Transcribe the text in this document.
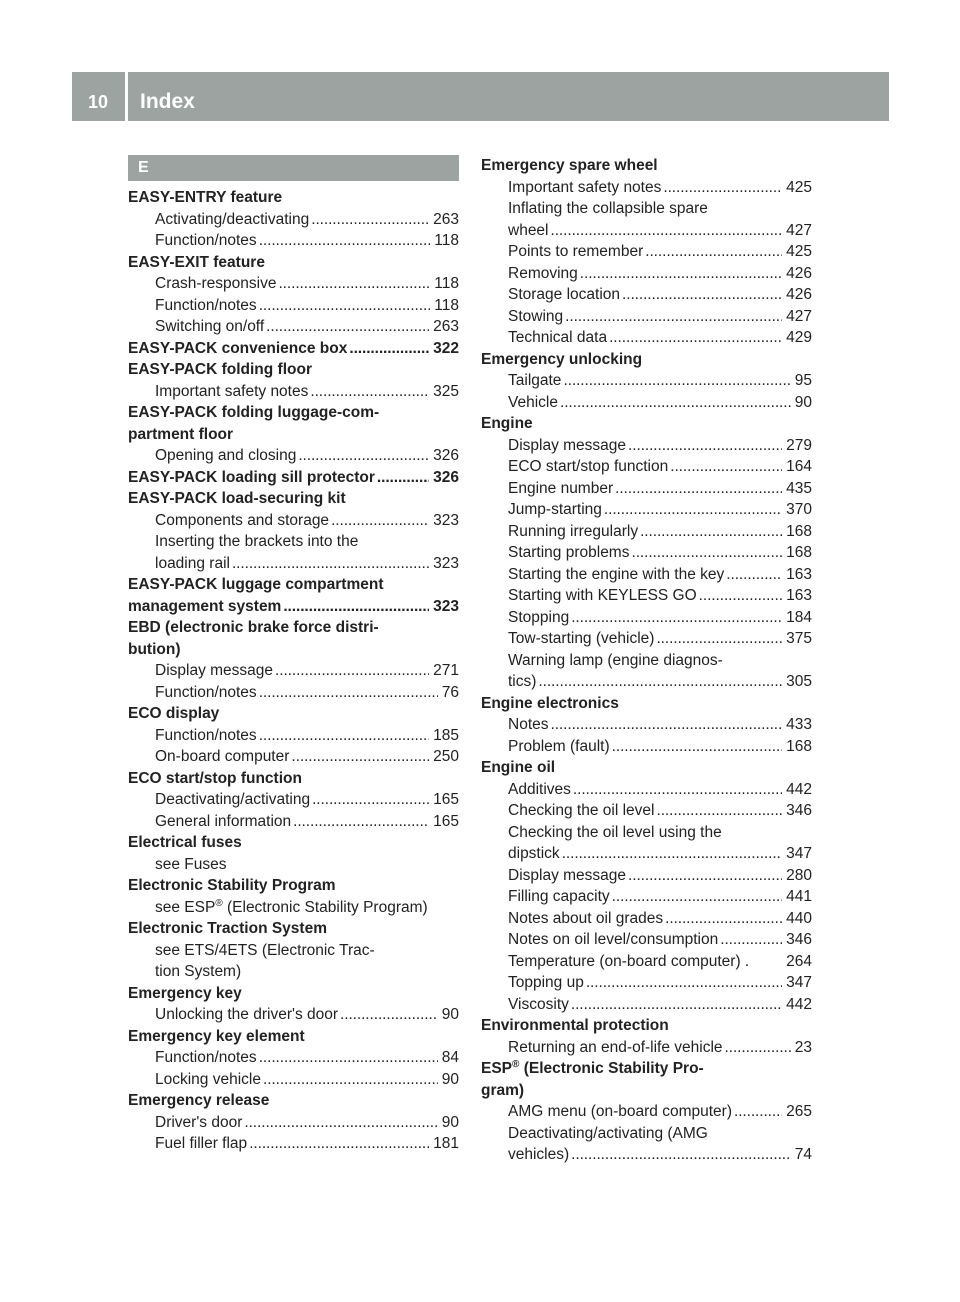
10	Index
E
EASY-ENTRY feature
Activating/deactivating . . .	263
Function/notes . . .	118
EASY-EXIT feature
Crash-responsive . . .	118
Function/notes . . .	118
Switching on/off . . .	263
EASY-PACK convenience box . . .	322
EASY-PACK folding floor
Important safety notes . . .	325
EASY-PACK folding luggage-com-
partment floor
Opening and closing . . .	326
EASY-PACK loading sill protector . . .	326
EASY-PACK load-securing kit
Components and storage . . .	323
Inserting the brackets into the
loading rail . . .	323
EASY-PACK luggage compartment
management system . . .	323
EBD (electronic brake force distri-
bution)
Display message . . .	271
Function/notes . . .	76
ECO display
Function/notes . . .	185
On-board computer . . .	250
ECO start/stop function
Deactivating/activating . . .	165
General information . . .	165
Electrical fuses
see Fuses
Electronic Stability Program
see ESP® (Electronic Stability Program)
Electronic Traction System
see ETS/4ETS (Electronic Trac-
tion System)
Emergency key
Unlocking the driver's door . . .	90
Emergency key element
Function/notes . . .	84
Locking vehicle . . .	90
Emergency release
Driver's door . . .	90
Fuel filler flap . . .	181
Emergency spare wheel
Important safety notes . . .	425
Inflating the collapsible spare
wheel . . .	427
Points to remember . . .	425
Removing . . .	426
Storage location . . .	426
Stowing . . .	427
Technical data . . .	429
Emergency unlocking
Tailgate . . .	95
Vehicle . . .	90
Engine
Display message . . .	279
ECO start/stop function . . .	164
Engine number . . .	435
Jump-starting . . .	370
Running irregularly . . .	168
Starting problems . . .	168
Starting the engine with the key . . .	163
Starting with KEYLESS GO . . .	163
Stopping . . .	184
Tow-starting (vehicle) . . .	375
Warning lamp (engine diagnos-
tics) . . .	305
Engine electronics
Notes . . .	433
Problem (fault) . . .	168
Engine oil
Additives . . .	442
Checking the oil level . . .	346
Checking the oil level using the
dipstick . . .	347
Display message . . .	280
Filling capacity . . .	441
Notes about oil grades . . .	440
Notes on oil level/consumption . . .	346
Temperature (on-board computer) . 264
Topping up . . .	347
Viscosity . . .	442
Environmental protection
Returning an end-of-life vehicle . . .	23
ESP® (Electronic Stability Pro-
gram)
AMG menu (on-board computer) . . .	265
Deactivating/activating (AMG
vehicles) . . .	74
